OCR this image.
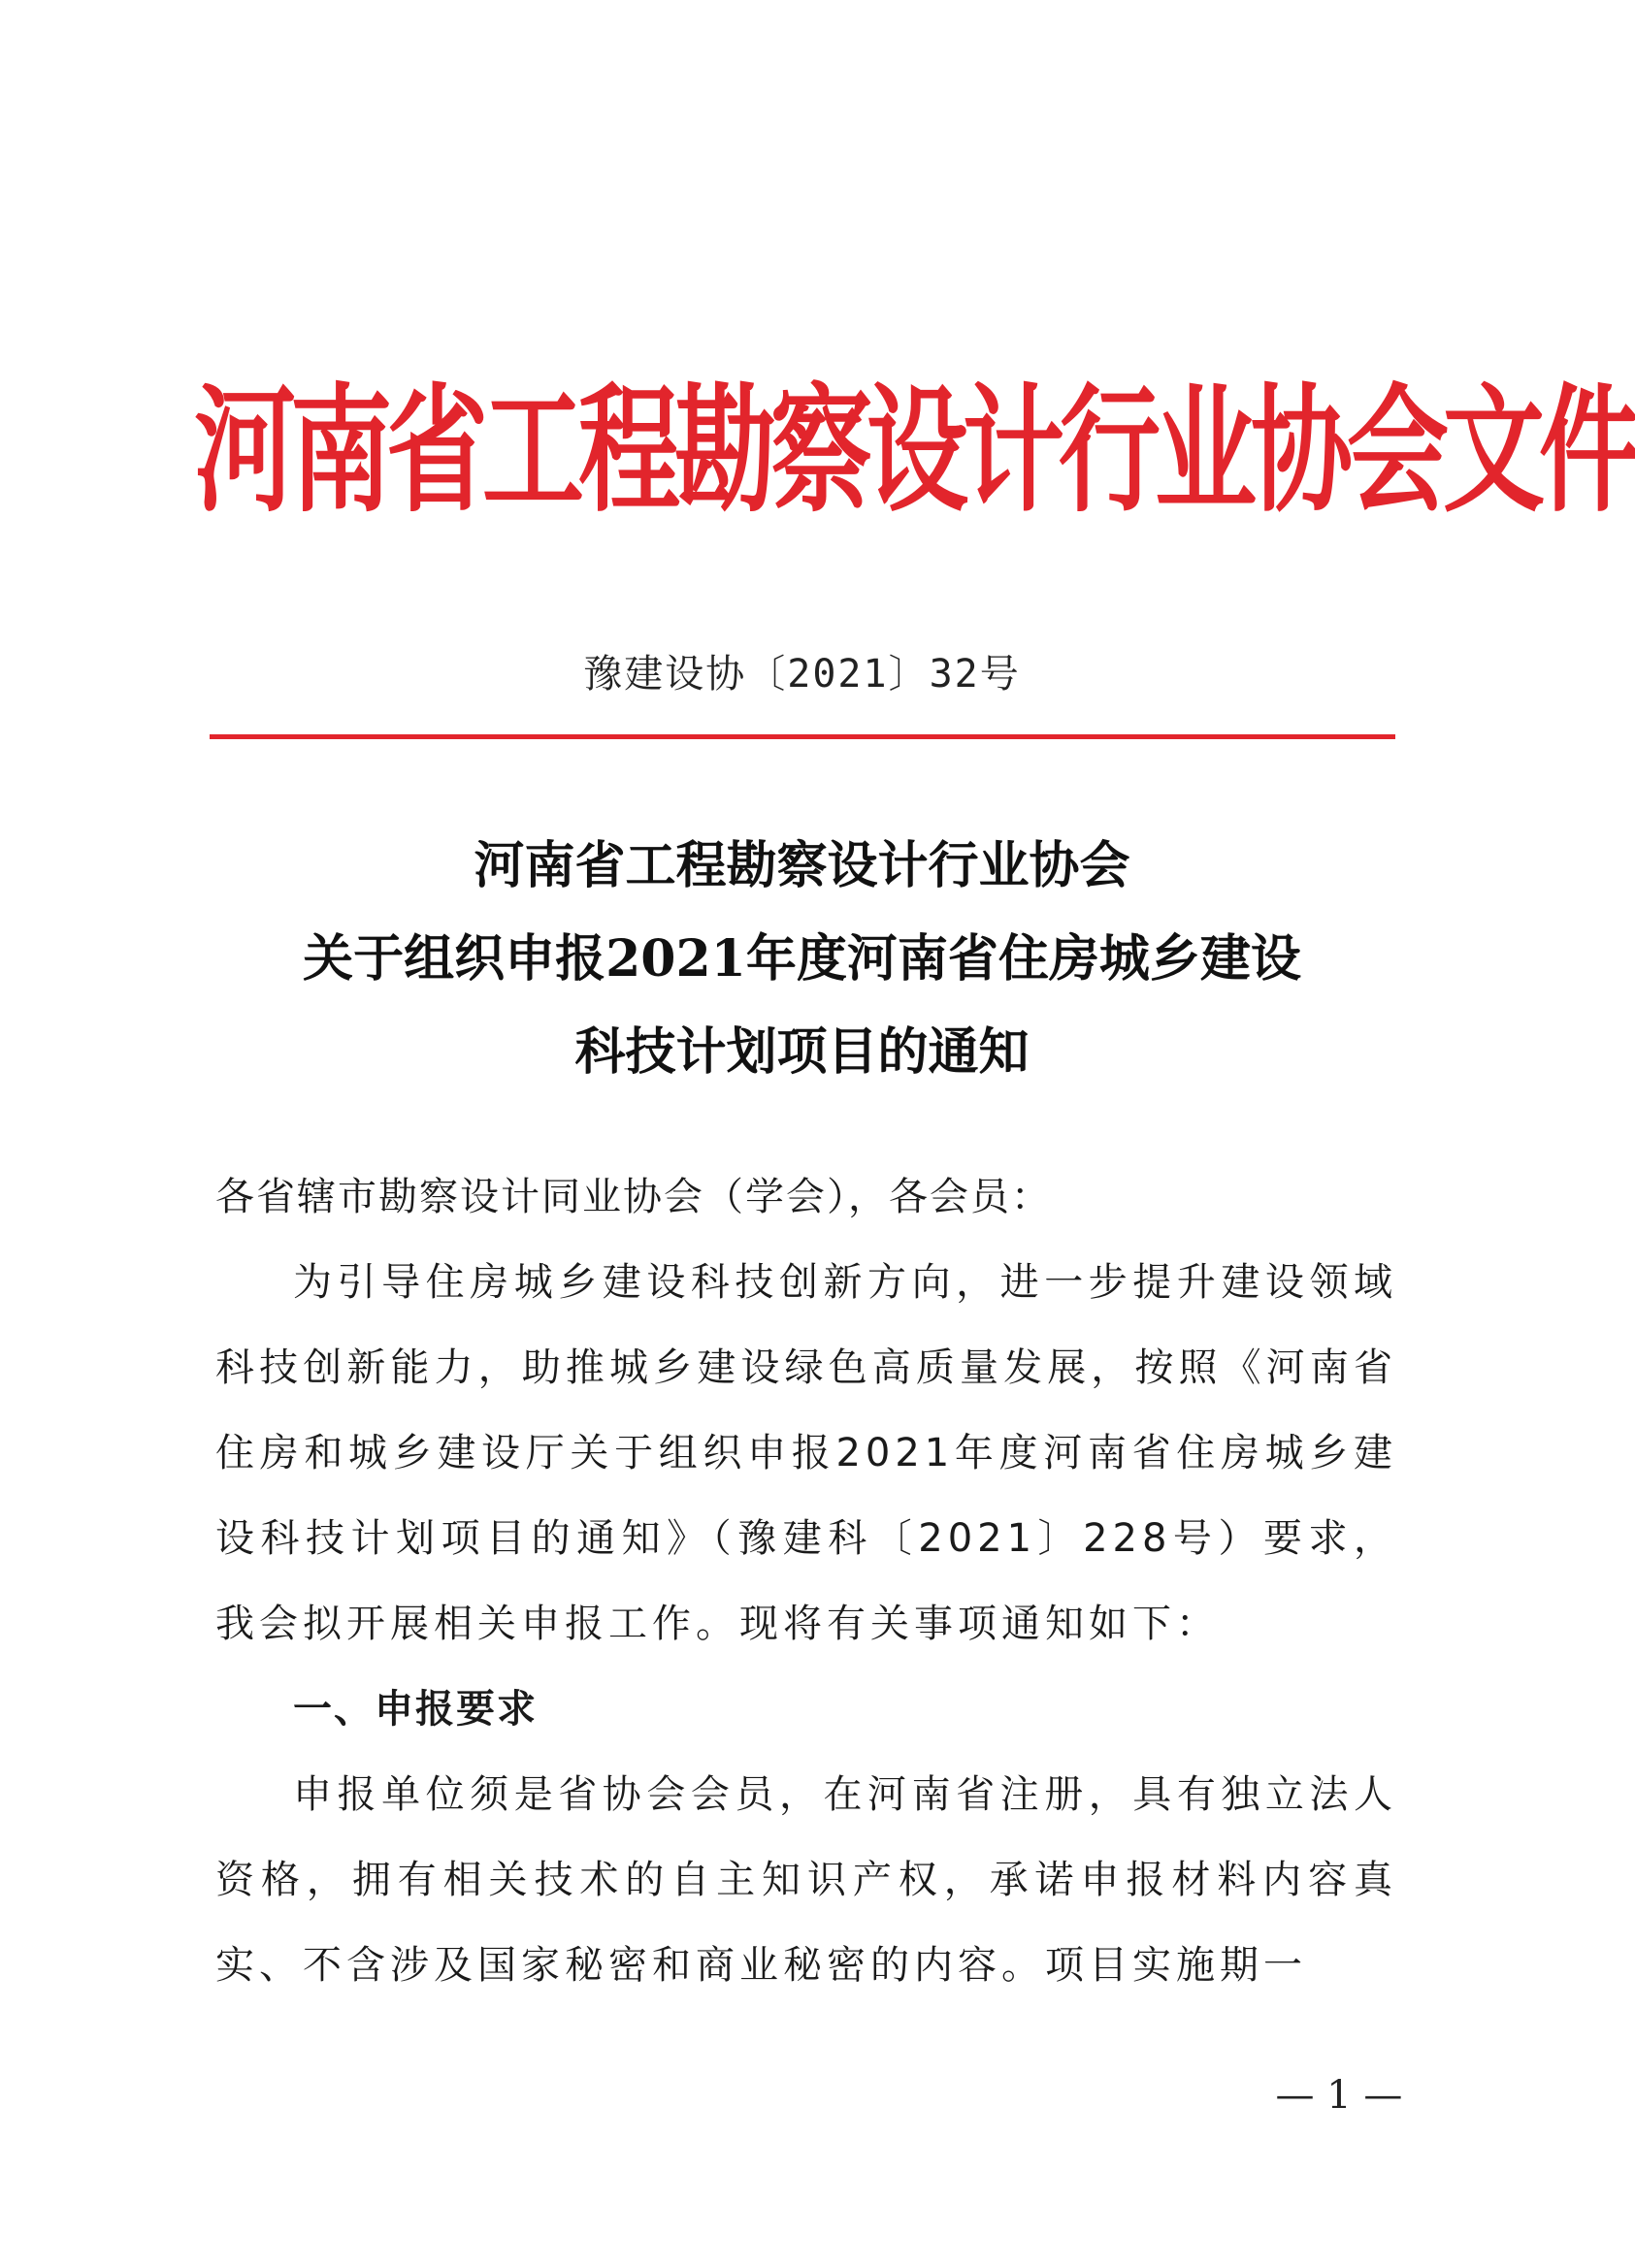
河南省工程勘察设计行业协会文件
豫建设协〔2021〕32号
河南省工程勘察设计行业协会
关于组织申报2021年度河南省住房城乡建设
科技计划项目的通知
各省辖市勘察设计同业协会（学会），各会员：

为引导住房城乡建设科技创新方向，进一步提升建设领域科技创新能力，助推城乡建设绿色高质量发展，按照《河南省住房和城乡建设厅关于组织申报2021年度河南省住房城乡建设科技计划项目的通知》（豫建科〔2021〕228号）要求，我会拟开展相关申报工作。现将有关事项通知如下：

一、申报要求

申报单位须是省协会会员，在河南省注册，具有独立法人资格，拥有相关技术的自主知识产权，承诺申报材料内容真实、不含涉及国家秘密和商业秘密的内容。项目实施期一

— 1 —
